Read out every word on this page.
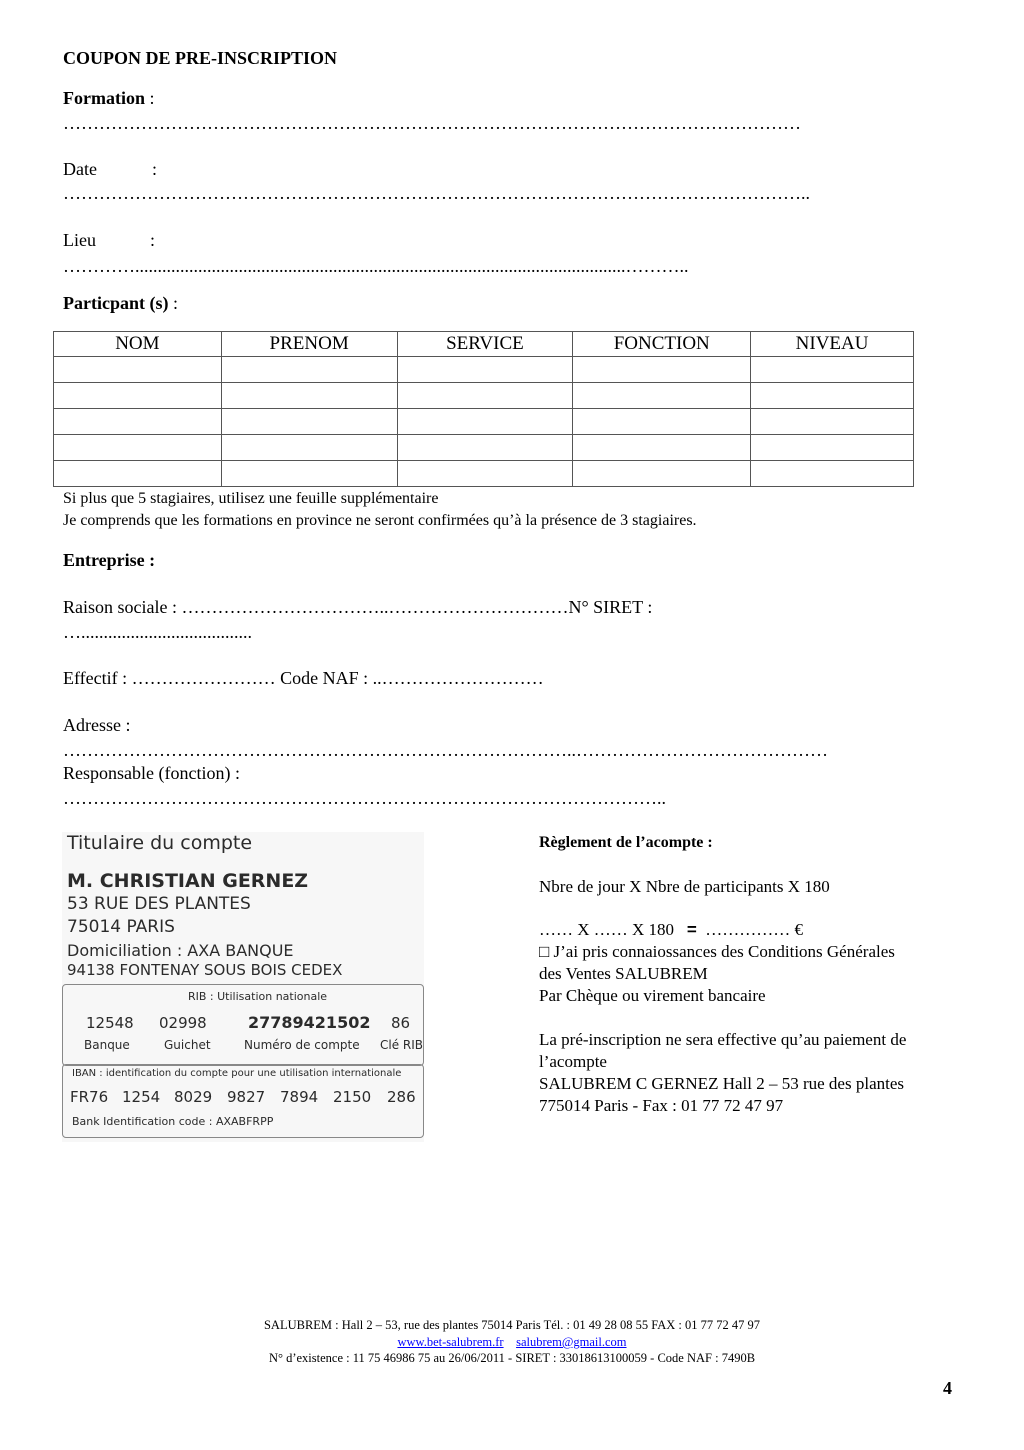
COUPON DE PRE-INSCRIPTION
Formation :
……………………………………………………………………………………………………………
Date	:
……………………………………………………………………………………………………………..
Lieu	:
………….............................................................................................................………..
Particpant (s) :
NOM	PRENOM	SERVICE	FONCTION	NIVEAU

Si plus que 5 stagiaires, utilisez une feuille supplémentaire
Je comprends que les formations en province ne seront confirmées qu’à la présence de 3 stagiaires.
Entreprise :
Raison sociale : ……………………………..…………………………N° SIRET :
…......................................
Effectif : …………………… Code NAF : ..………………………
Adresse :
…………………………………………………………………………..……………………………………
Responsable (fonction) :
………………………………………………………………………………………..
Titulaire du compte
M. CHRISTIAN GERNEZ
53 RUE DES PLANTES
75014 PARIS
Domiciliation : AXA BANQUE
94138 FONTENAY SOUS BOIS CEDEX
RIB : Utilisation nationale
12548 02998	27789421502 86
Banque	Guichet	Numéro de compte Clé RIB
IBAN : identification du compte pour une utilisation internationale
FR76 1254 8029 9827 7894 2150 286
Bank Identification code : AXABFRPP
Règlement de l’acompte :
Nbre de jour X Nbre de participants X 180
…… X …… X 180 = …………… €
□ J’ai pris connaiossances des Conditions Générales
des Ventes SALUBREM
Par Chèque ou virement bancaire
La pré-inscription ne sera effective qu’au paiement de
l’acompte
SALUBREM C GERNEZ Hall 2 – 53 rue des plantes
775014 Paris - Fax : 01 77 72 47 97
SALUBREM : Hall 2 – 53, rue des plantes 75014 Paris Tél. : 01 49 28 08 55 FAX : 01 77 72 47 97
www.bet-salubrem.fr salubrem@gmail.com
N° d’existence : 11 75 46986 75 au 26/06/2011 - SIRET : 33018613100059 - Code NAF : 7490B
4
